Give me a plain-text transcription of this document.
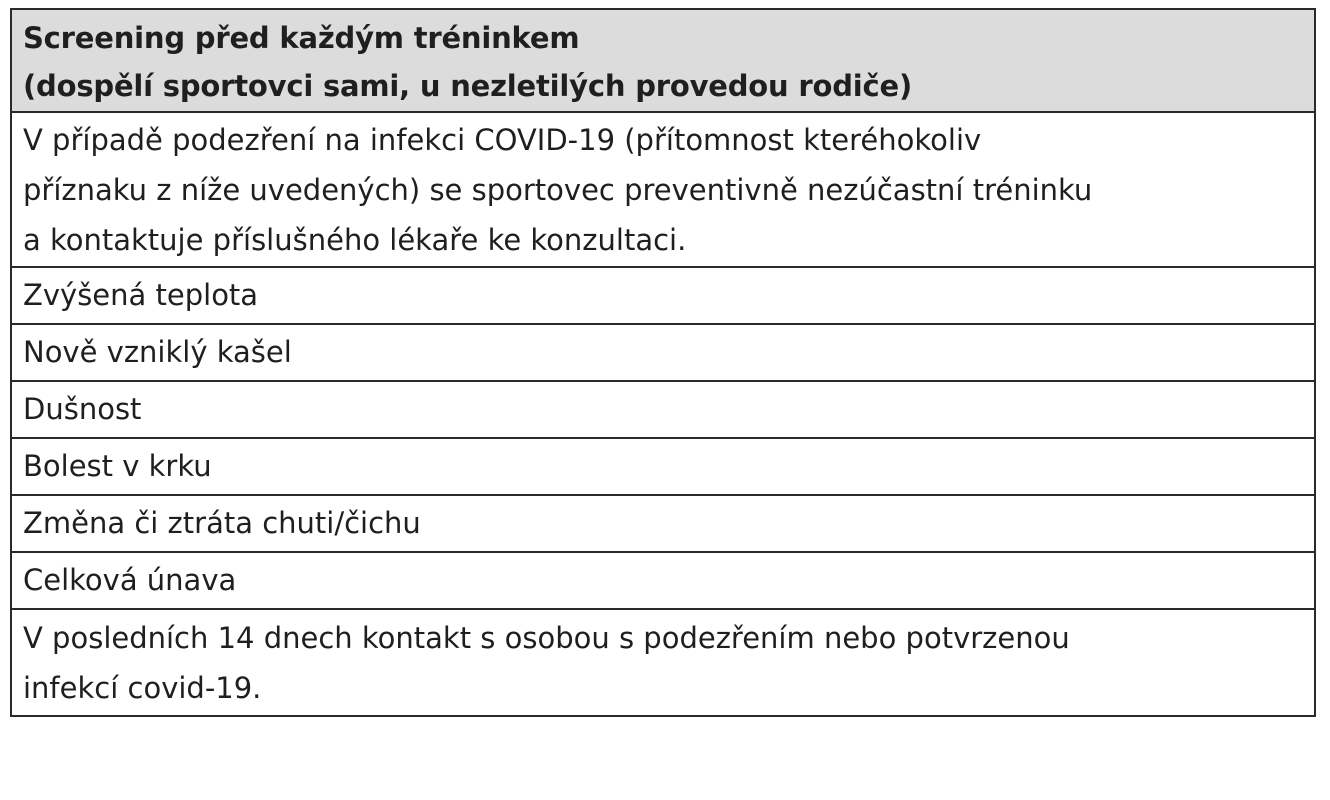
Screening před každým tréninkem
(dospělí sportovci sami, u nezletilých provedou rodiče)

V případě podezření na infekci COVID-19 (přítomnost kteréhokoliv
příznaku z níže uvedených) se sportovec preventivně nezúčastní tréninku
a kontaktuje příslušného lékaře ke konzultaci.

Zvýšená teplota
Nově vzniklý kašel
Dušnost
Bolest v krku
Změna či ztráta chuti/čichu
Celková únava

V posledních 14 dnech kontakt s osobou s podezřením nebo potvrzenou
infekcí covid-19.
